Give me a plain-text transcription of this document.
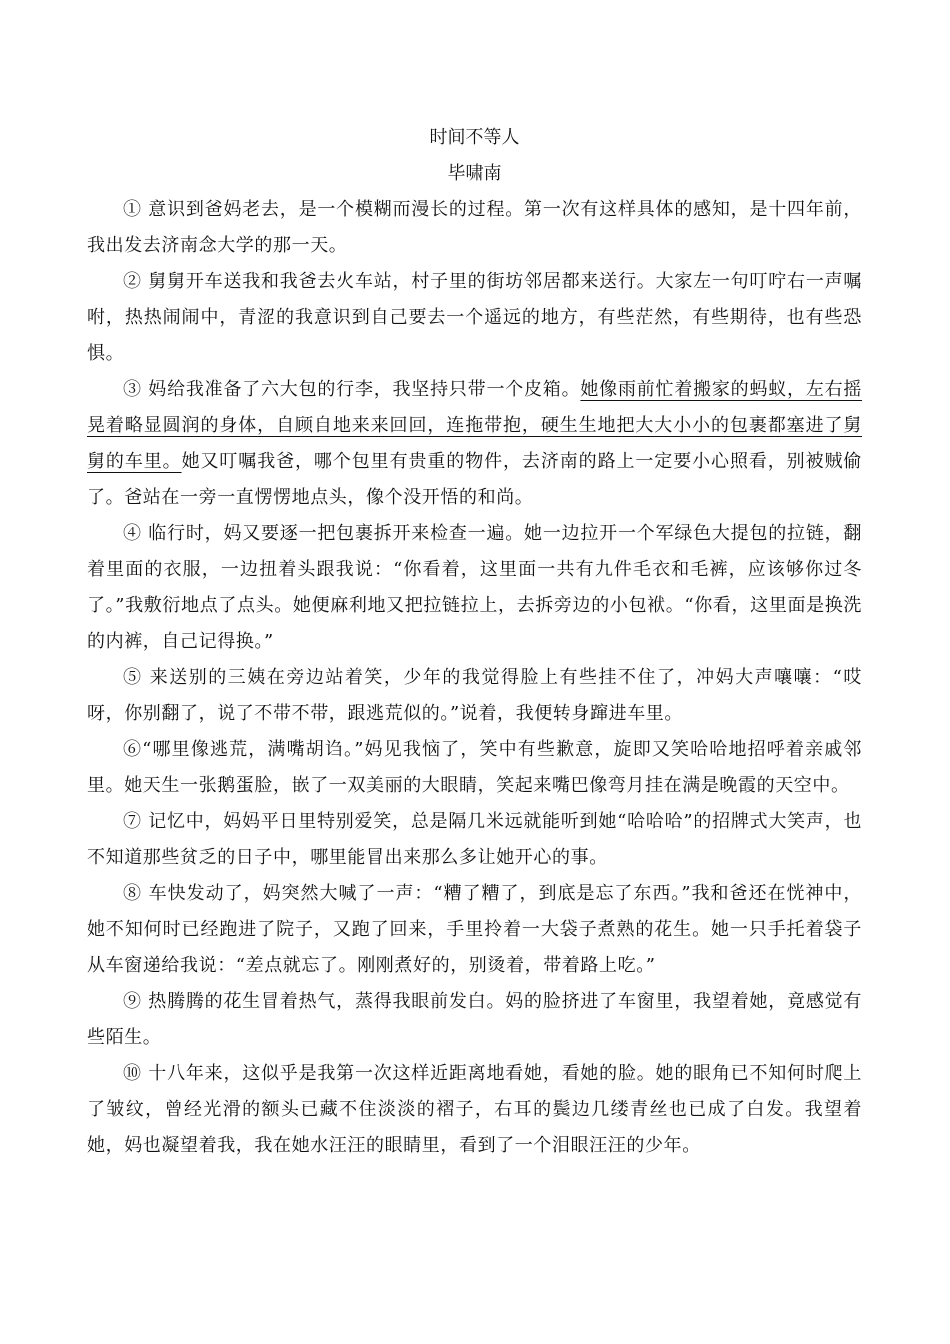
时间不等人
毕啸南

① 意识到爸妈老去，是一个模糊而漫长的过程。第一次有这样具体的感知，是十四年前，我出发去济南念大学的那一天。

② 舅舅开车送我和我爸去火车站，村子里的街坊邻居都来送行。大家左一句叮咛右一声嘱咐，热热闹闹中，青涩的我意识到自己要去一个遥远的地方，有些茫然，有些期待，也有些恐惧。

③ 妈给我准备了六大包的行李，我坚持只带一个皮箱。她像雨前忙着搬家的蚂蚁，左右摇晃着略显圆润的身体，自顾自地来来回回，连拖带抱，硬生生地把大大小小的包裹都塞进了舅舅的车里。她又叮嘱我爸，哪个包里有贵重的物件，去济南的路上一定要小心照看，别被贼偷了。爸站在一旁一直愣愣地点头，像个没开悟的和尚。

④ 临行时，妈又要逐一把包裹拆开来检查一遍。她一边拉开一个军绿色大提包的拉链，翻着里面的衣服，一边扭着头跟我说：“你看着，这里面一共有九件毛衣和毛裤，应该够你过冬了。”我敷衍地点了点头。她便麻利地又把拉链拉上，去拆旁边的小包袱。“你看，这里面是换洗的内裤，自己记得换。”

⑤ 来送别的三姨在旁边站着笑，少年的我觉得脸上有些挂不住了，冲妈大声嚷嚷：“哎呀，你别翻了，说了不带不带，跟逃荒似的。”说着，我便转身蹿进车里。

⑥“哪里像逃荒，满嘴胡诌。”妈见我恼了，笑中有些歉意，旋即又笑哈哈地招呼着亲戚邻里。她天生一张鹅蛋脸，嵌了一双美丽的大眼睛，笑起来嘴巴像弯月挂在满是晚霞的天空中。

⑦ 记忆中，妈妈平日里特别爱笑，总是隔几米远就能听到她“哈哈哈”的招牌式大笑声，也不知道那些贫乏的日子中，哪里能冒出来那么多让她开心的事。

⑧ 车快发动了，妈突然大喊了一声：“糟了糟了，到底是忘了东西。”我和爸还在恍神中，她不知何时已经跑进了院子，又跑了回来，手里拎着一大袋子煮熟的花生。她一只手托着袋子从车窗递给我说：“差点就忘了。刚刚煮好的，别烫着，带着路上吃。”

⑨ 热腾腾的花生冒着热气，蒸得我眼前发白。妈的脸挤进了车窗里，我望着她，竟感觉有些陌生。

⑩ 十八年来，这似乎是我第一次这样近距离地看她，看她的脸。她的眼角已不知何时爬上了皱纹，曾经光滑的额头已藏不住淡淡的褶子，右耳的鬓边几缕青丝也已成了白发。我望着她，妈也凝望着我，我在她水汪汪的眼睛里，看到了一个泪眼汪汪的少年。
